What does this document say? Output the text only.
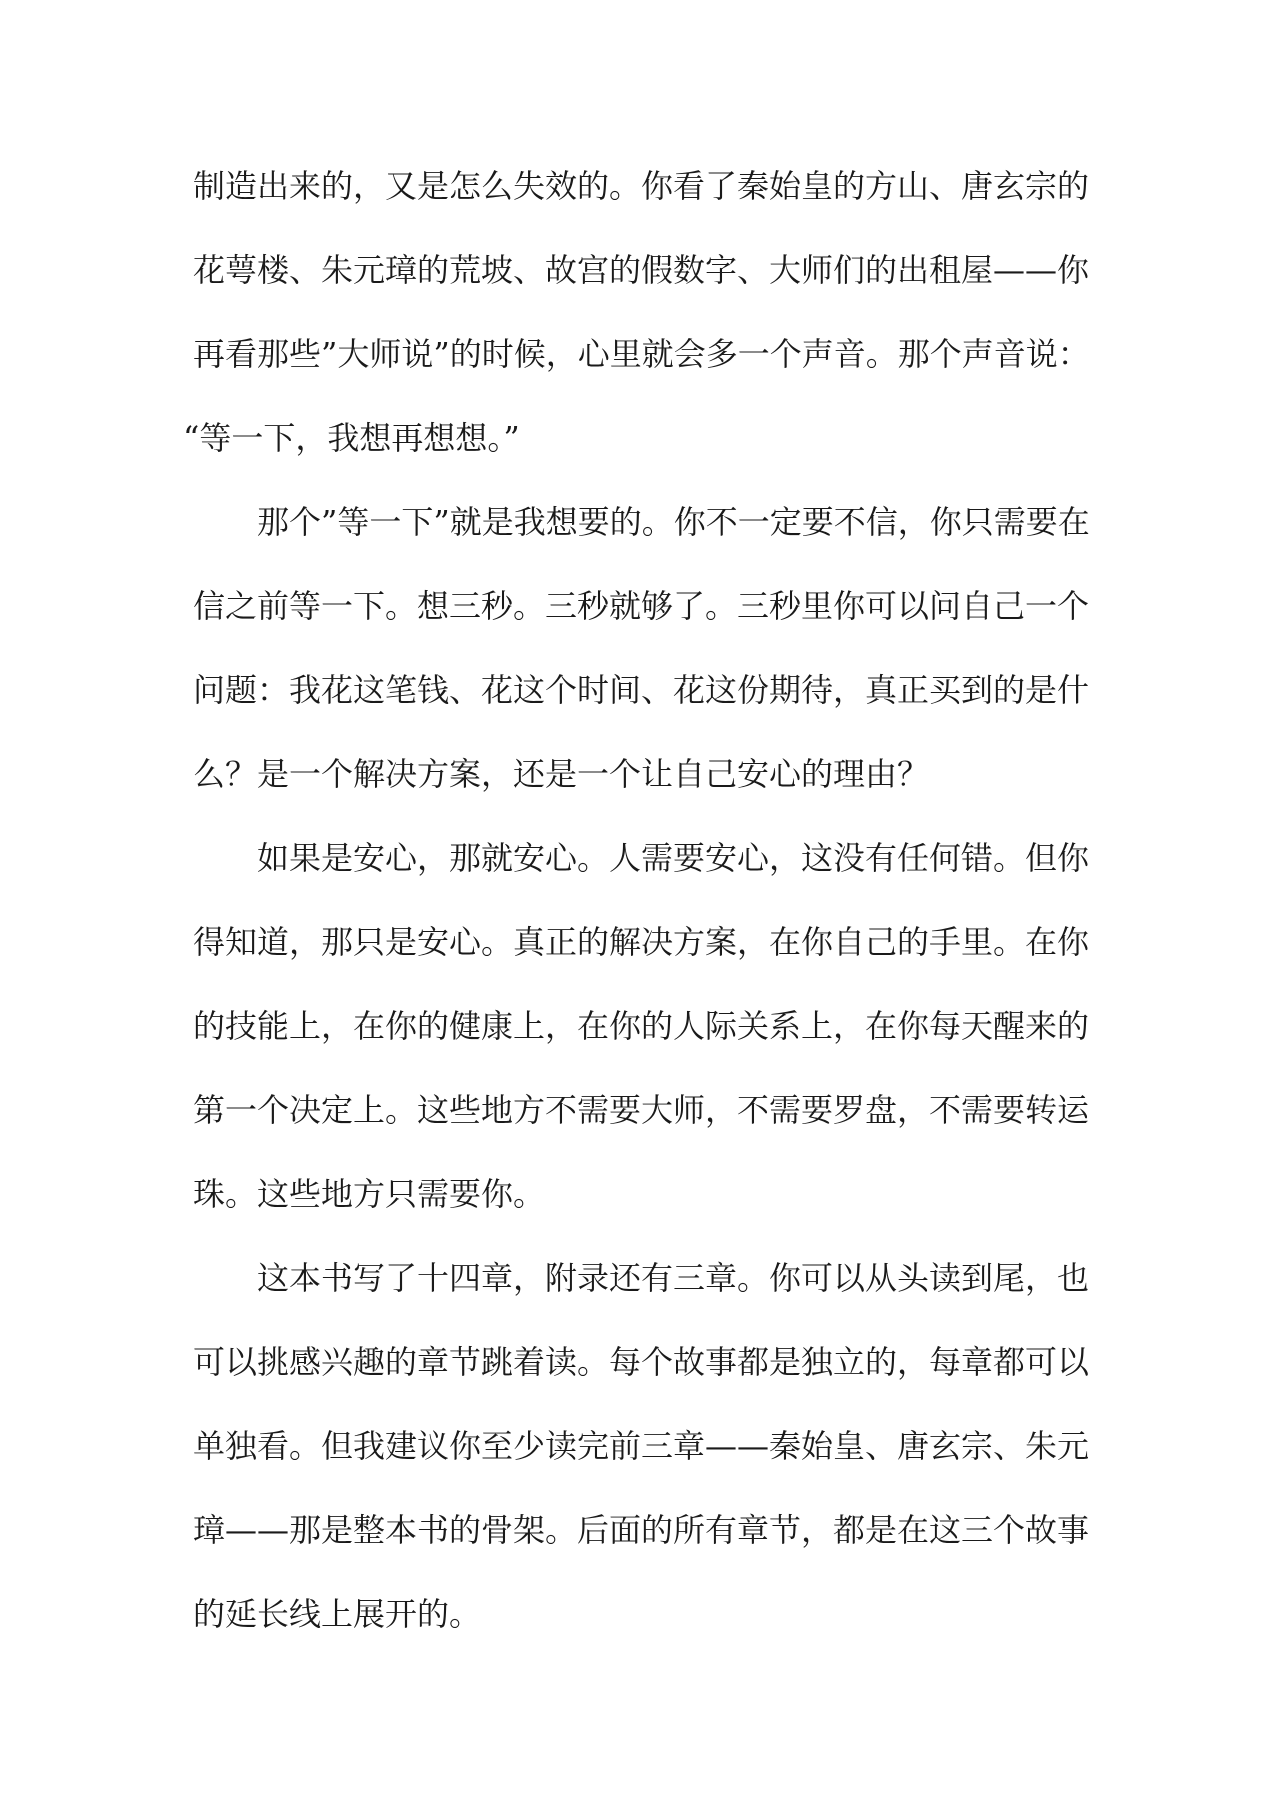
制造出来的，又是怎么失效的。你看了秦始皇的方山、唐玄宗的
花萼楼、朱元璋的荒坡、故宫的假数字、大师们的出租屋——你
再看那些”大师说”的时候，心里就会多一个声音。那个声音说：
“等一下，我想再想想。”
那个”等一下”就是我想要的。你不一定要不信，你只需要在
信之前等一下。想三秒。三秒就够了。三秒里你可以问自己一个
问题：我花这笔钱、花这个时间、花这份期待，真正买到的是什
么？是一个解决方案，还是一个让自己安心的理由？
如果是安心，那就安心。人需要安心，这没有任何错。但你
得知道，那只是安心。真正的解决方案，在你自己的手里。在你
的技能上，在你的健康上，在你的人际关系上，在你每天醒来的
第一个决定上。这些地方不需要大师，不需要罗盘，不需要转运
珠。这些地方只需要你。
这本书写了十四章，附录还有三章。你可以从头读到尾，也
可以挑感兴趣的章节跳着读。每个故事都是独立的，每章都可以
单独看。但我建议你至少读完前三章——秦始皇、唐玄宗、朱元
璋——那是整本书的骨架。后面的所有章节，都是在这三个故事
的延长线上展开的。
